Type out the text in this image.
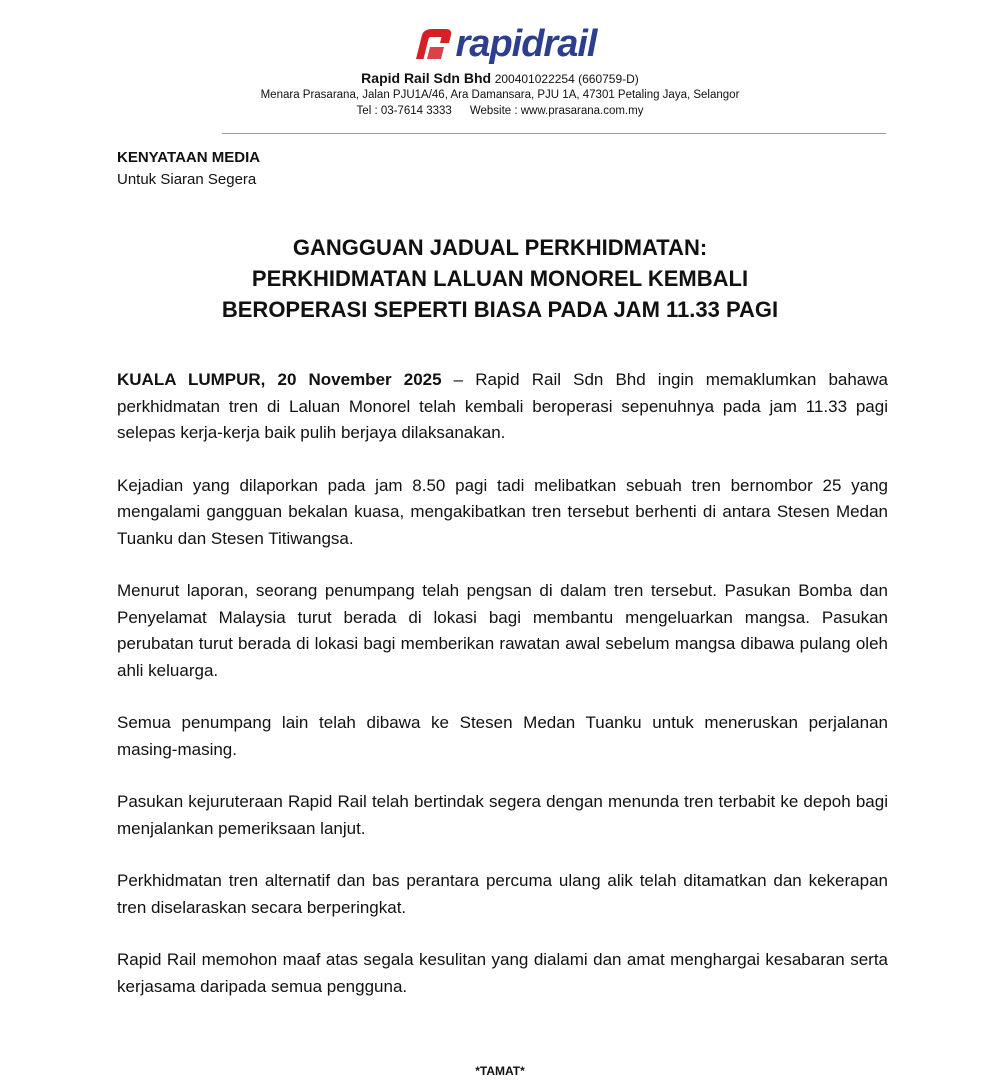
rapidrail
Rapid Rail Sdn Bhd 200401022254 (660759-D)
Menara Prasarana, Jalan PJU1A/46, Ara Damansara, PJU 1A, 47301 Petaling Jaya, Selangor
Tel : 03-7614 3333 Website : www.prasarana.com.my
KENYATAAN MEDIA
Untuk Siaran Segera
GANGGUAN JADUAL PERKHIDMATAN:
PERKHIDMATAN LALUAN MONOREL KEMBALI
BEROPERASI SEPERTI BIASA PADA JAM 11.33 PAGI

KUALA LUMPUR, 20 November 2025 – Rapid Rail Sdn Bhd ingin memaklumkan bahawa perkhidmatan tren di Laluan Monorel telah kembali beroperasi sepenuhnya pada jam 11.33 pagi selepas kerja-kerja baik pulih berjaya dilaksanakan.

Kejadian yang dilaporkan pada jam 8.50 pagi tadi melibatkan sebuah tren bernombor 25 yang mengalami gangguan bekalan kuasa, mengakibatkan tren tersebut berhenti di antara Stesen Medan Tuanku dan Stesen Titiwangsa.

Menurut laporan, seorang penumpang telah pengsan di dalam tren tersebut. Pasukan Bomba dan Penyelamat Malaysia turut berada di lokasi bagi membantu mengeluarkan mangsa. Pasukan perubatan turut berada di lokasi bagi memberikan rawatan awal sebelum mangsa dibawa pulang oleh ahli keluarga.

Semua penumpang lain telah dibawa ke Stesen Medan Tuanku untuk meneruskan perjalanan masing-masing.

Pasukan kejuruteraan Rapid Rail telah bertindak segera dengan menunda tren terbabit ke depoh bagi menjalankan pemeriksaan lanjut.

Perkhidmatan tren alternatif dan bas perantara percuma ulang alik telah ditamatkan dan kekerapan tren diselaraskan secara berperingkat.

Rapid Rail memohon maaf atas segala kesulitan yang dialami dan amat menghargai kesabaran serta kerjasama daripada semua pengguna.

*TAMAT*
